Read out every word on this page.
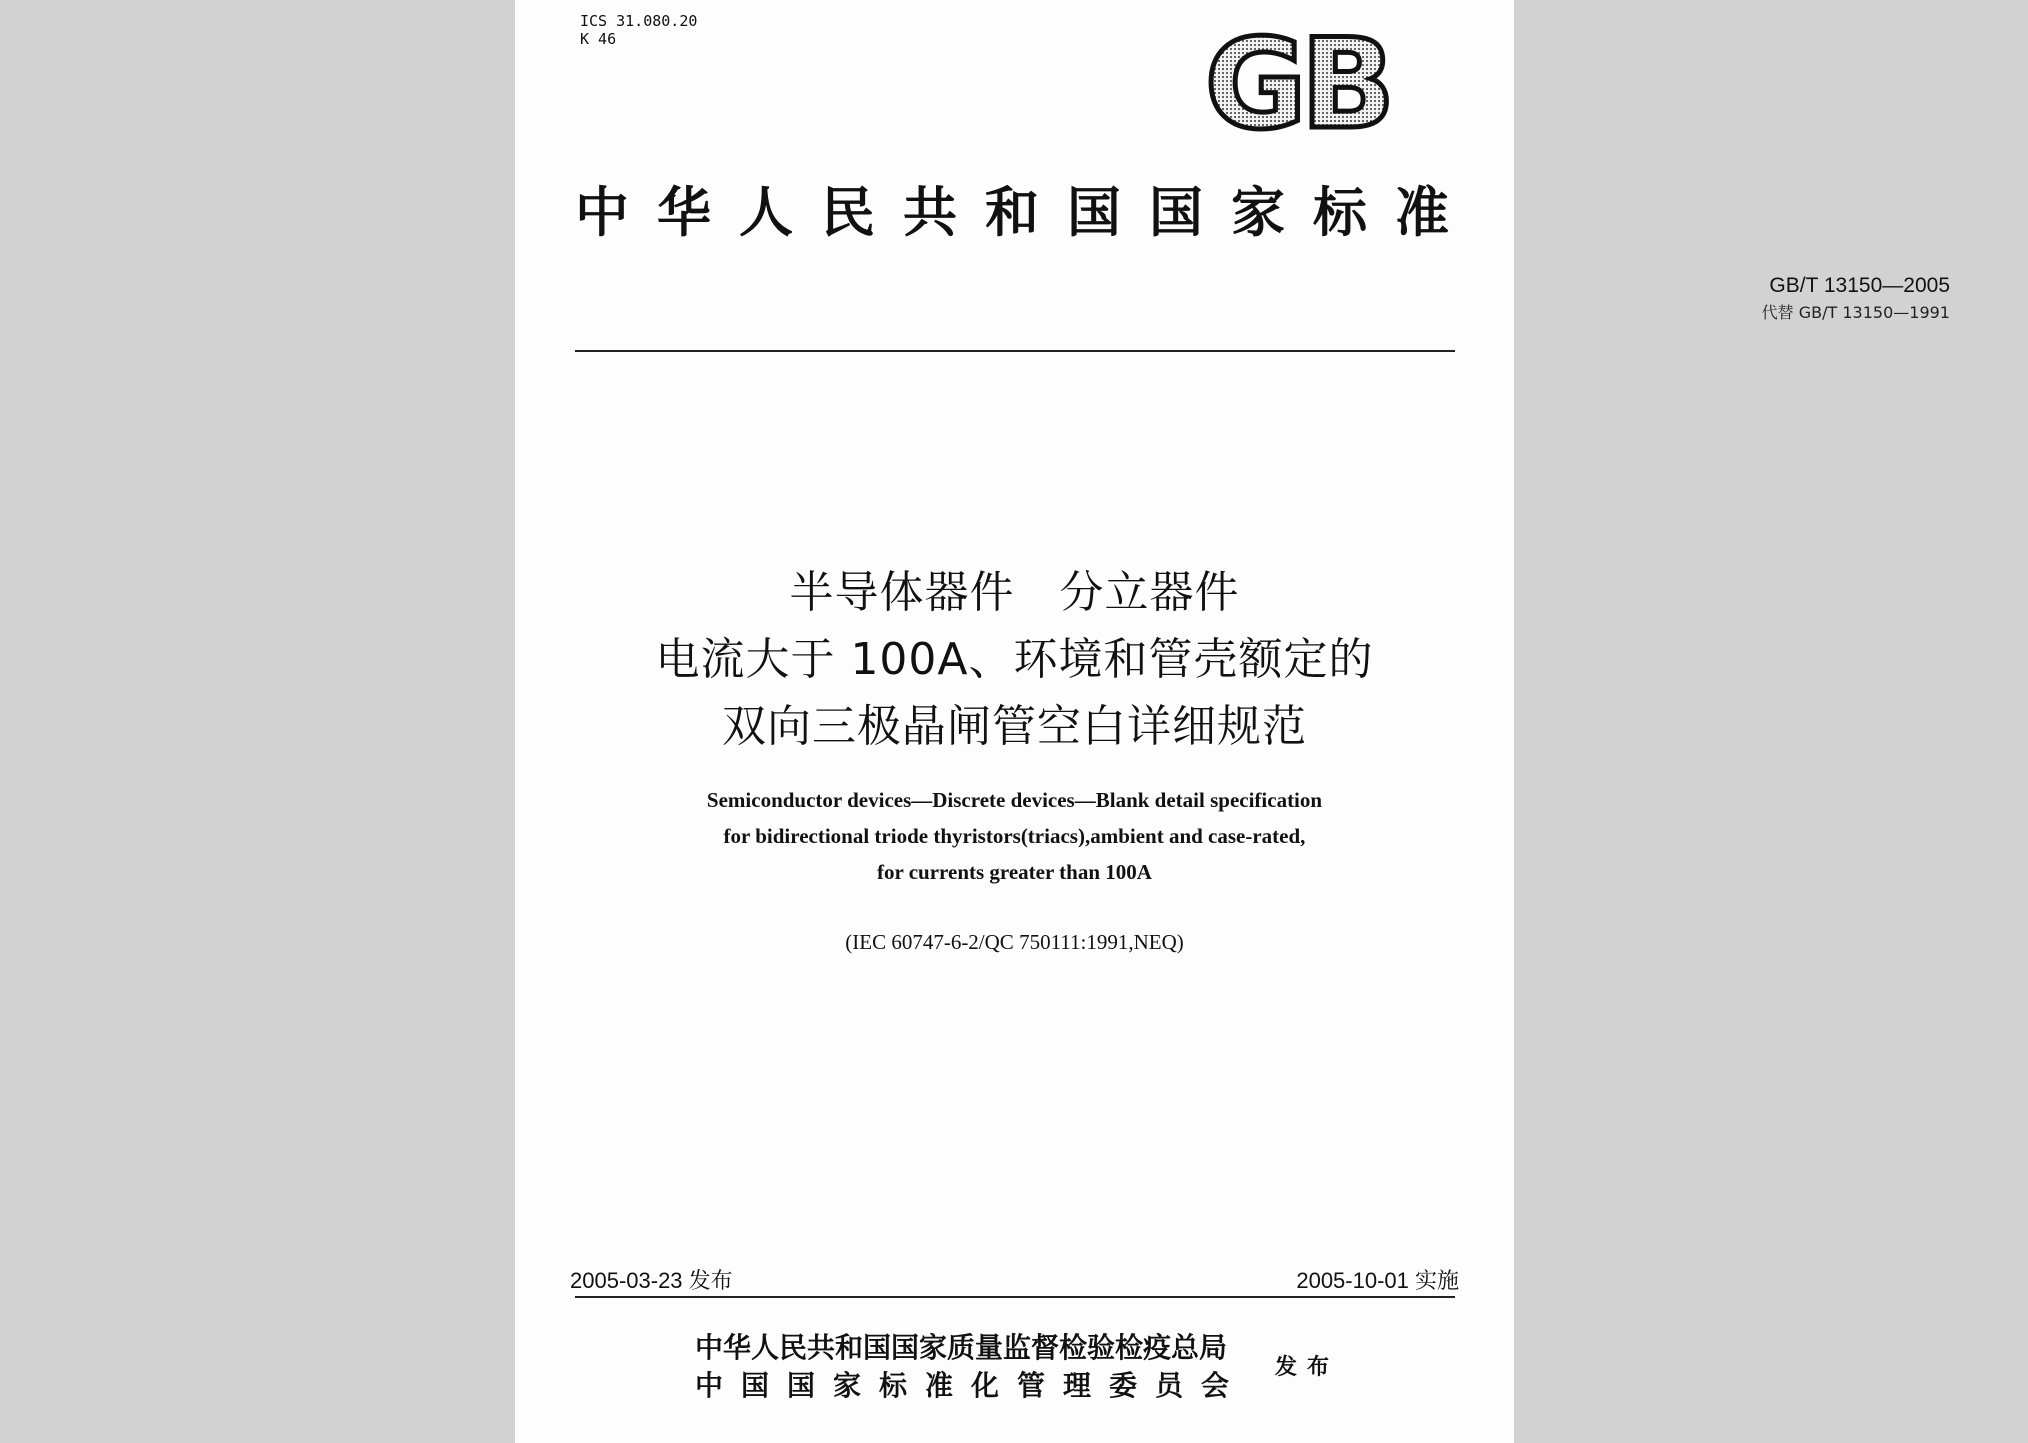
ICS 31.080.20
K 46	GB
中华人民共和国国家标准
GB/T 13150—2005
代替 GB/T 13150—1991
半导体器件　分立器件
电流大于 100A、环境和管壳额定的
双向三极晶闸管空白详细规范
Semiconductor devices—Discrete devices—Blank detail specification
for bidirectional triode thyristors(triacs),ambient and case-rated,
for currents greater than 100A
(IEC 60747-6-2/QC 750111:1991,NEQ)
2005-03-23 发布	2005-10-01 实施
中华人民共和国国家质量监督检验检疫总局
中国国家标准化管理委员会
发布
